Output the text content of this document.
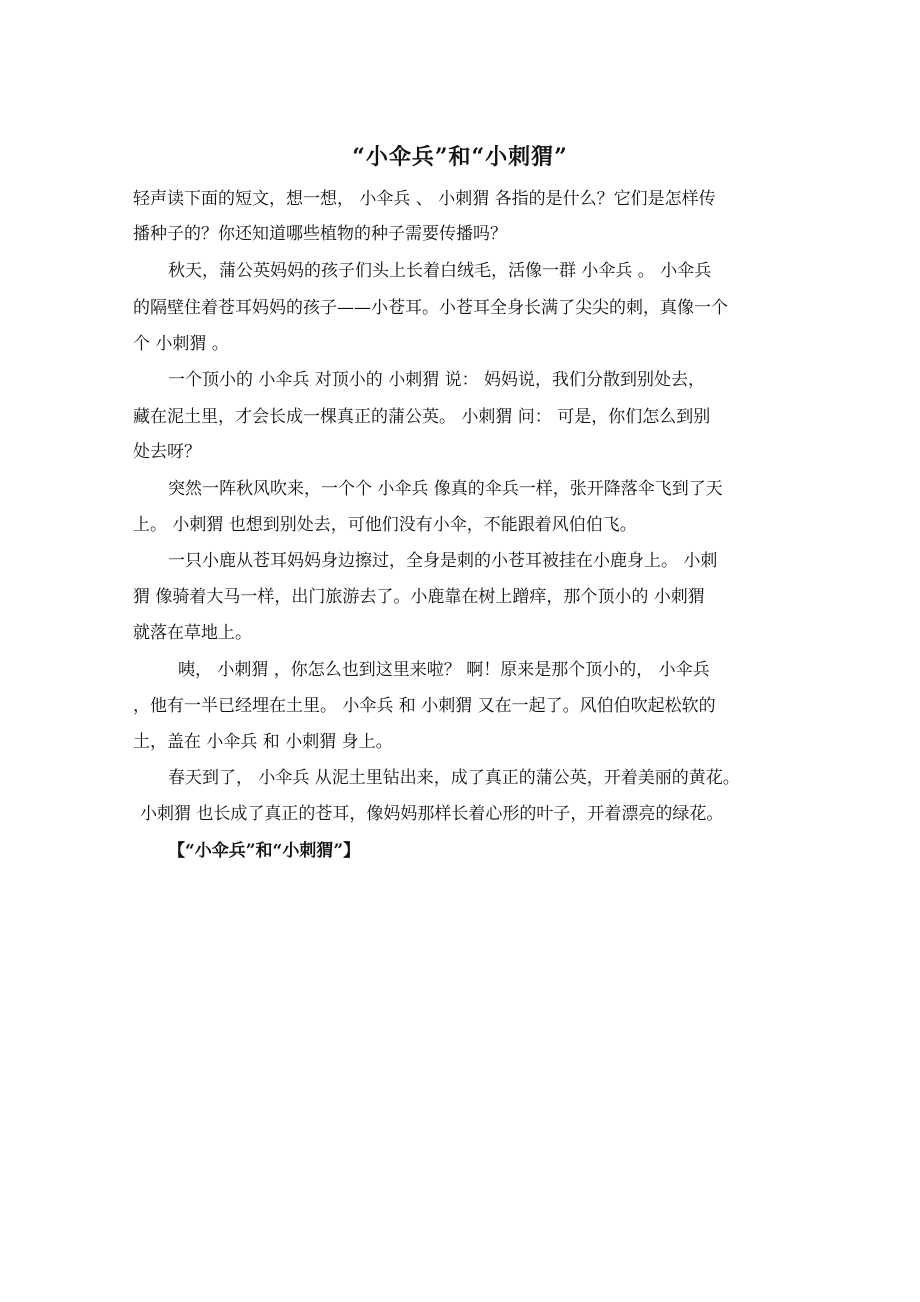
“小伞兵”和“小刺猬”
轻声读下面的短文，想一想， 小伞兵 、 小刺猬 各指的是什么？它们是怎样传
播种子的？你还知道哪些植物的种子需要传播吗？
秋天，蒲公英妈妈的孩子们头上长着白绒毛，活像一群 小伞兵 。 小伞兵
的隔壁住着苍耳妈妈的孩子——小苍耳。小苍耳全身长满了尖尖的刺，真像一个
个 小刺猬 。
一个顶小的 小伞兵 对顶小的 小刺猬 说： 妈妈说，我们分散到别处去，
藏在泥土里，才会长成一棵真正的蒲公英。 小刺猬 问： 可是，你们怎么到别
处去呀？
突然一阵秋风吹来，一个个 小伞兵 像真的伞兵一样，张开降落伞飞到了天
上。 小刺猬 也想到别处去，可他们没有小伞，不能跟着风伯伯飞。
一只小鹿从苍耳妈妈身边擦过，全身是刺的小苍耳被挂在小鹿身上。 小刺
猬 像骑着大马一样，出门旅游去了。小鹿靠在树上蹭痒，那个顶小的 小刺猬
就落在草地上。
咦， 小刺猬 ，你怎么也到这里来啦？ 啊！原来是那个顶小的， 小伞兵
，他有一半已经埋在土里。 小伞兵 和 小刺猬 又在一起了。风伯伯吹起松软的
土，盖在 小伞兵 和 小刺猬 身上。
春天到了， 小伞兵 从泥土里钻出来，成了真正的蒲公英，开着美丽的黄花。
小刺猬 也长成了真正的苍耳，像妈妈那样长着心形的叶子，开着漂亮的绿花。
【“小伞兵”和“小刺猬”】
